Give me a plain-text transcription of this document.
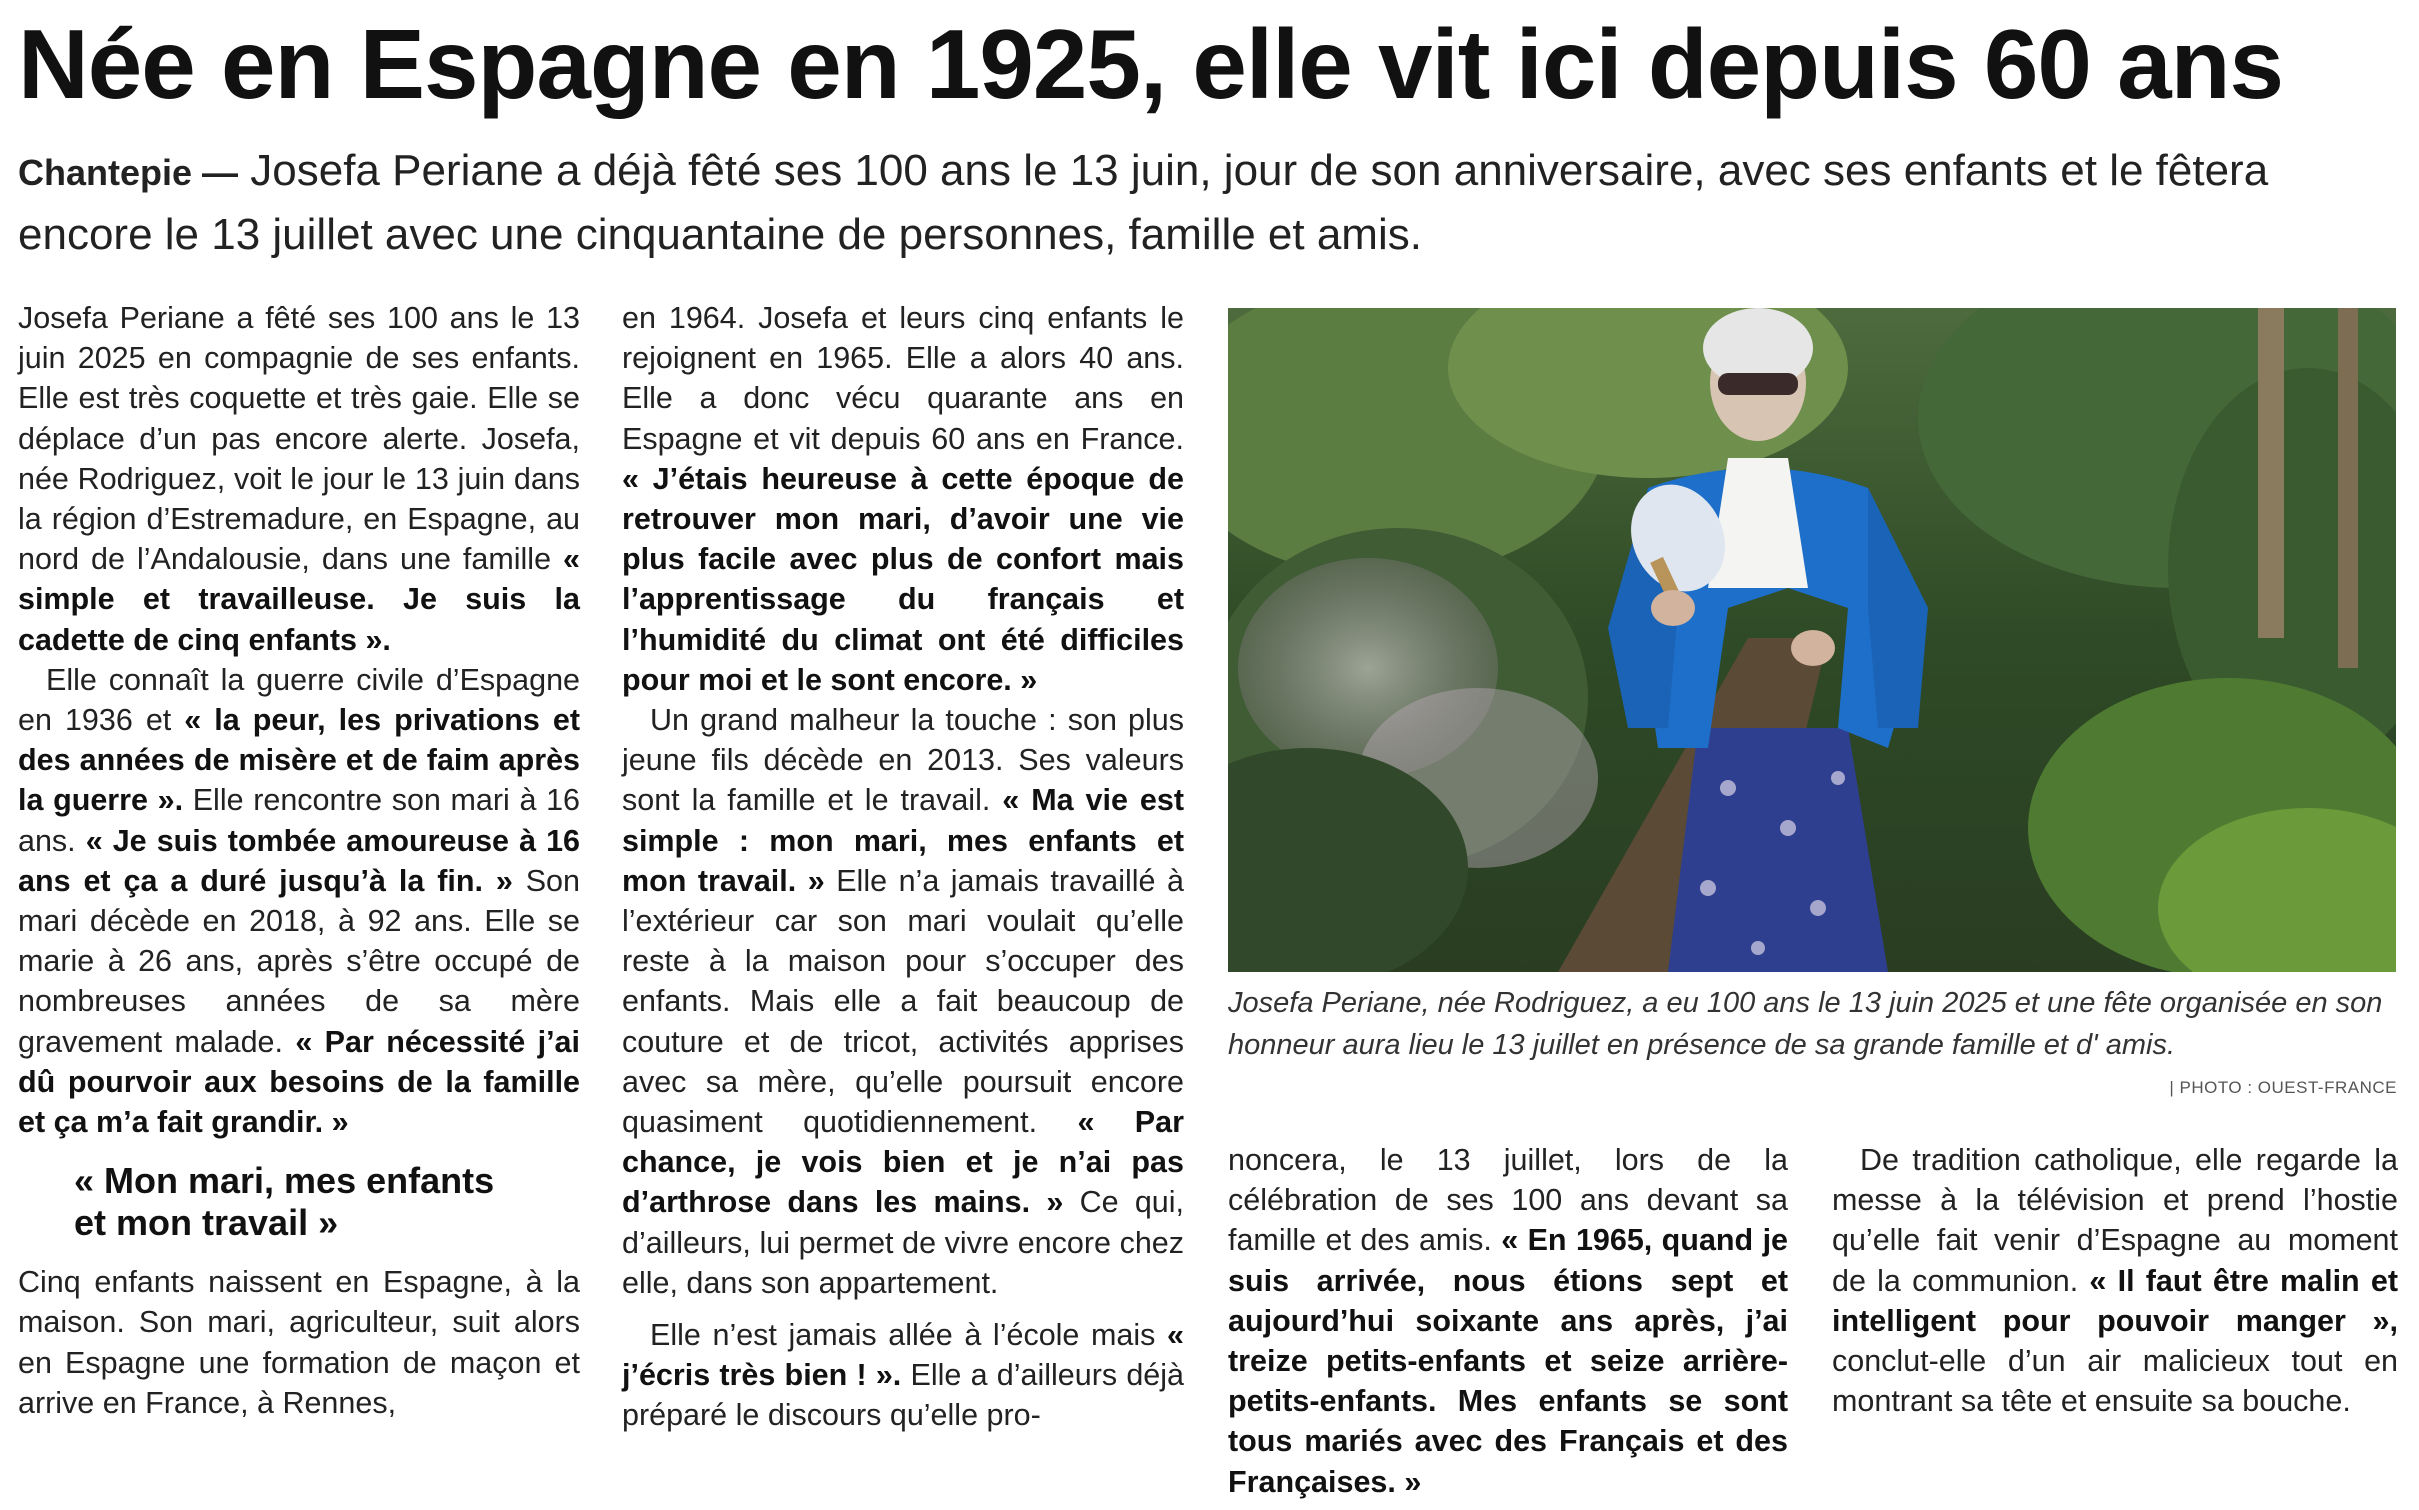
Née en Espagne en 1925, elle vit ici depuis 60 ans
Chantepie — Josefa Periane a déjà fêté ses 100 ans le 13 juin, jour de son anniversaire, avec ses enfants et le fêtera encore le 13 juillet avec une cinquantaine de personnes, famille et amis.

Josefa Periane a fêté ses 100 ans le 13 juin 2025 en compagnie de ses enfants. Elle est très coquette et très gaie. Elle se déplace d’un pas encore alerte. Josefa, née Rodriguez, voit le jour le 13 juin dans la région d’Estremadure, en Espagne, au nord de l’Andalousie, dans une famille « simple et travailleuse. Je suis la cadette de cinq enfants ».

Elle connaît la guerre civile d’Espagne en 1936 et « la peur, les privations et des années de misère et de faim après la guerre ». Elle rencontre son mari à 16 ans. « Je suis tombée amoureuse à 16 ans et ça a duré jusqu’à la fin. » Son mari décède en 2018, à 92 ans. Elle se marie à 26 ans, après s’être occupé de nombreuses années de sa mère gravement malade. « Par nécessité j’ai dû pourvoir aux besoins de la famille et ça m’a fait grandir. »

« Mon mari, mes enfants
et mon travail »

Cinq enfants naissent en Espagne, à la maison. Son mari, agriculteur, suit alors en Espagne une formation de maçon et arrive en France, à Rennes,

en 1964. Josefa et leurs cinq enfants le rejoignent en 1965. Elle a alors 40 ans. Elle a donc vécu quarante ans en Espagne et vit depuis 60 ans en France. « J’étais heureuse à cette époque de retrouver mon mari, d’avoir une vie plus facile avec plus de confort mais l’apprentissage du français et l’humidité du climat ont été difficiles pour moi et le sont encore. »

Un grand malheur la touche : son plus jeune fils décède en 2013. Ses valeurs sont la famille et le travail. « Ma vie est simple : mon mari, mes enfants et mon travail. » Elle n’a jamais travaillé à l’extérieur car son mari voulait qu’elle reste à la maison pour s’occuper des enfants. Mais elle a fait beaucoup de couture et de tricot, activités apprises avec sa mère, qu’elle poursuit encore quasiment quotidiennement. « Par chance, je vois bien et je n’ai pas d’arthrose dans les mains. » Ce qui, d’ailleurs, lui permet de vivre encore chez elle, dans son appartement.

Elle n’est jamais allée à l’école mais « j’écris très bien ! ». Elle a d’ailleurs déjà préparé le discours qu’elle pro-

Josefa Periane, née Rodriguez, a eu 100 ans le 13 juin 2025 et une fête organisée en son honneur aura lieu le 13 juillet en présence de sa grande famille et d' amis.
| PHOTO : OUEST-FRANCE

noncera, le 13 juillet, lors de la célébration de ses 100 ans devant sa famille et des amis. « En 1965, quand je suis arrivée, nous étions sept et aujourd’hui soixante ans après, j’ai treize petits-enfants et seize arrière-petits-enfants. Mes enfants se sont tous mariés avec des Français et des Françaises. »

De tradition catholique, elle regarde la messe à la télévision et prend l’hostie qu’elle fait venir d’Espagne au moment de la communion. « Il faut être malin et intelligent pour pouvoir manger », conclut-elle d’un air malicieux tout en montrant sa tête et ensuite sa bouche.
